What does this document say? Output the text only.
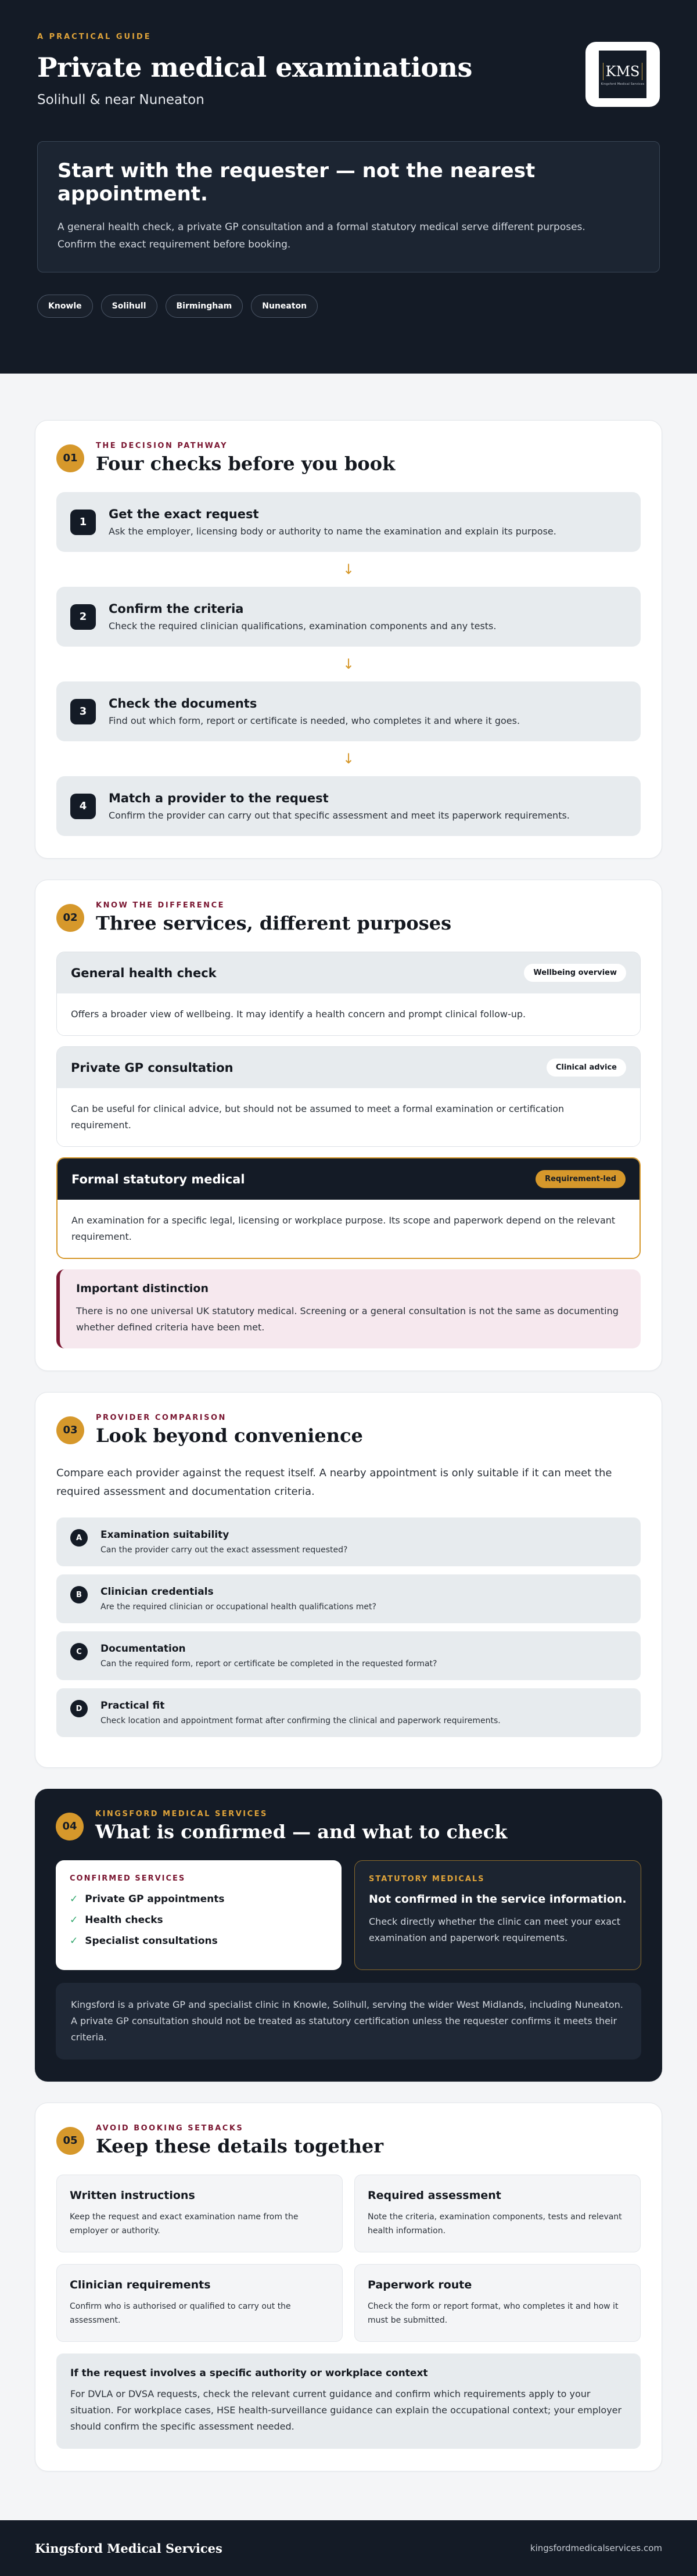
A PRACTICAL GUIDE
Private medical examinations
Solihull & near Nuneaton
KMS
Kingsford Medical Services
Start with the requester — not the nearest appointment.

A general health check, a private GP consultation and a formal statutory medical serve different purposes. Confirm the exact requirement before booking.

Knowle	Solihull	Birmingham	Nuneaton
01
THE DECISION PATHWAY
Four checks before you book
1
Get the exact request

Ask the employer, licensing body or authority to name the examination and explain its purpose.

↓
2
Confirm the criteria

Check the required clinician qualifications, examination components and any tests.

↓
3
Check the documents

Find out which form, report or certificate is needed, who completes it and where it goes.

↓
4
Match a provider to the request

Confirm the provider can carry out that specific assessment and meet its paperwork requirements.

02
KNOW THE DIFFERENCE
Three services, different purposes
General health check	Wellbeing overview
Offers a broader view of wellbeing. It may identify a health concern and prompt clinical follow-up.
Private GP consultation	Clinical advice
Can be useful for clinical advice, but should not be assumed to meet a formal examination or certification requirement.
Formal statutory medical	Requirement-led
An examination for a specific legal, licensing or workplace purpose. Its scope and paperwork depend on the relevant requirement.
Important distinction

There is no one universal UK statutory medical. Screening or a general consultation is not the same as documenting whether defined criteria have been met.

03
PROVIDER COMPARISON
Look beyond convenience

Compare each provider against the request itself. A nearby appointment is only suitable if it can meet the required assessment and documentation criteria.

A	Examination suitability

Can the provider carry out the exact assessment requested?

B	Clinician credentials

Are the required clinician or occupational health qualifications met?

C	Documentation

Can the required form, report or certificate be completed in the requested format?

D	Practical fit

Check location and appointment format after confirming the clinical and paperwork requirements.

04
KINGSFORD MEDICAL SERVICES
What is confirmed — and what to check
CONFIRMED SERVICES
✓ Private GP appointments
✓ Health checks
✓ Specialist consultations
STATUTORY MEDICALS
Not confirmed in the service information.

Check directly whether the clinic can meet your exact examination and paperwork requirements.

Kingsford is a private GP and specialist clinic in Knowle, Solihull, serving the wider West Midlands, including Nuneaton. A private GP consultation should not be treated as statutory certification unless the requester confirms it meets their criteria.
05
AVOID BOOKING SETBACKS
Keep these details together
Written instructions

Keep the request and exact examination name from the employer or authority.

Required assessment

Note the criteria, examination components, tests and relevant health information.

Clinician requirements

Confirm who is authorised or qualified to carry out the assessment.

Paperwork route

Check the form or report format, who completes it and how it must be submitted.

If the request involves a specific authority or workplace context

For DVLA or DVSA requests, check the relevant current guidance and confirm which requirements apply to your situation. For workplace cases, HSE health-surveillance guidance can explain the occupational context; your employer should confirm the specific assessment needed.

Kingsford Medical Services	kingsfordmedicalservices.com
